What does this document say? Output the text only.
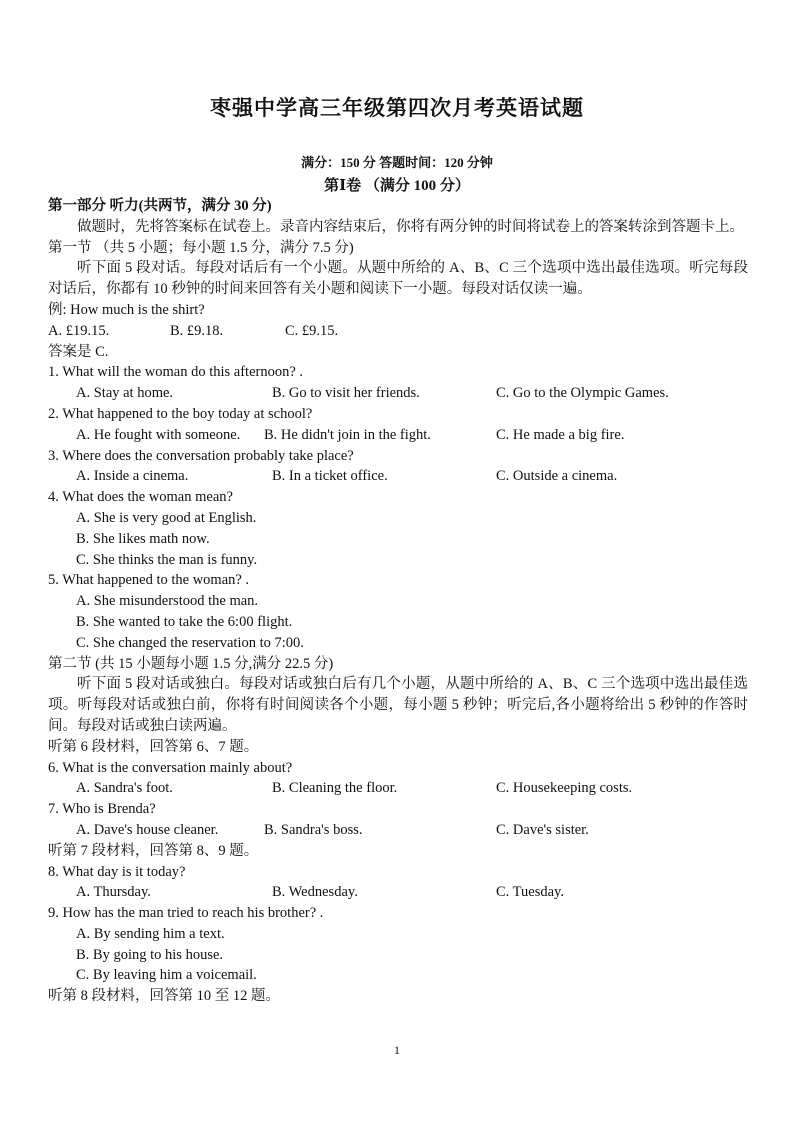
枣强中学高三年级第四次月考英语试题
满分：150 分 答题时间：120 分钟
第Ⅰ卷 （满分 100 分）
第一部分 听力(共两节，满分 30 分)
做题时，先将答案标在试卷上。录音内容结束后，你将有两分钟的时间将试卷上的答案转涂到答题卡上。
第一节 （共 5 小题；每小题 1.5 分，满分 7.5 分)
听下面 5 段对话。每段对话后有一个小题。从题中所给的 A、B、C 三个选项中选出最佳选项。听完每段对话后，你都有 10 秒钟的时间来回答有关小题和阅读下一小题。每段对话仅读一遍。
例: How much is the shirt?
A. £19.15.	B. £9.18.	C. £9.15.
答案是 C.
1. What will the woman do this afternoon? .
A. Stay at home.	B. Go to visit her friends.	C. Go to the Olympic Games.
2. What happened to the boy today at school?
A. He fought with someone.	B. He didn't join in the fight.	C. He made a big fire.
3. Where does the conversation probably take place?
A. Inside a cinema.	B. In a ticket office.	C. Outside a cinema.
4. What does the woman mean?
A. She is very good at English.
B. She likes math now.
C. She thinks the man is funny.
5. What happened to the woman? .
A. She misunderstood the man.
B. She wanted to take the 6:00 flight.
C. She changed the reservation to 7:00.
第二节 (共 15 小题每小题 1.5 分,满分 22.5 分)
听下面 5 段对话或独白。每段对话或独白后有几个小题，从题中所给的 A、B、C 三个选项中选出最佳选项。听每段对话或独白前，你将有时间阅读各个小题，每小题 5 秒钟；听完后,各小题将给出 5 秒钟的作答时间。每段对话或独白读两遍。
听第 6 段材料，回答第 6、7 题。
6. What is the conversation mainly about?
A. Sandra's foot.	B. Cleaning the floor.	C. Housekeeping costs.
7. Who is Brenda?
A. Dave's house cleaner.	B. Sandra's boss.	C. Dave's sister.
听第 7 段材料，回答第 8、9 题。
8. What day is it today?
A. Thursday.	B. Wednesday.	C. Tuesday.
9. How has the man tried to reach his brother? .
A. By sending him a text.
B. By going to his house.
C. By leaving him a voicemail.
听第 8 段材料，回答第 10 至 12 题。
1
